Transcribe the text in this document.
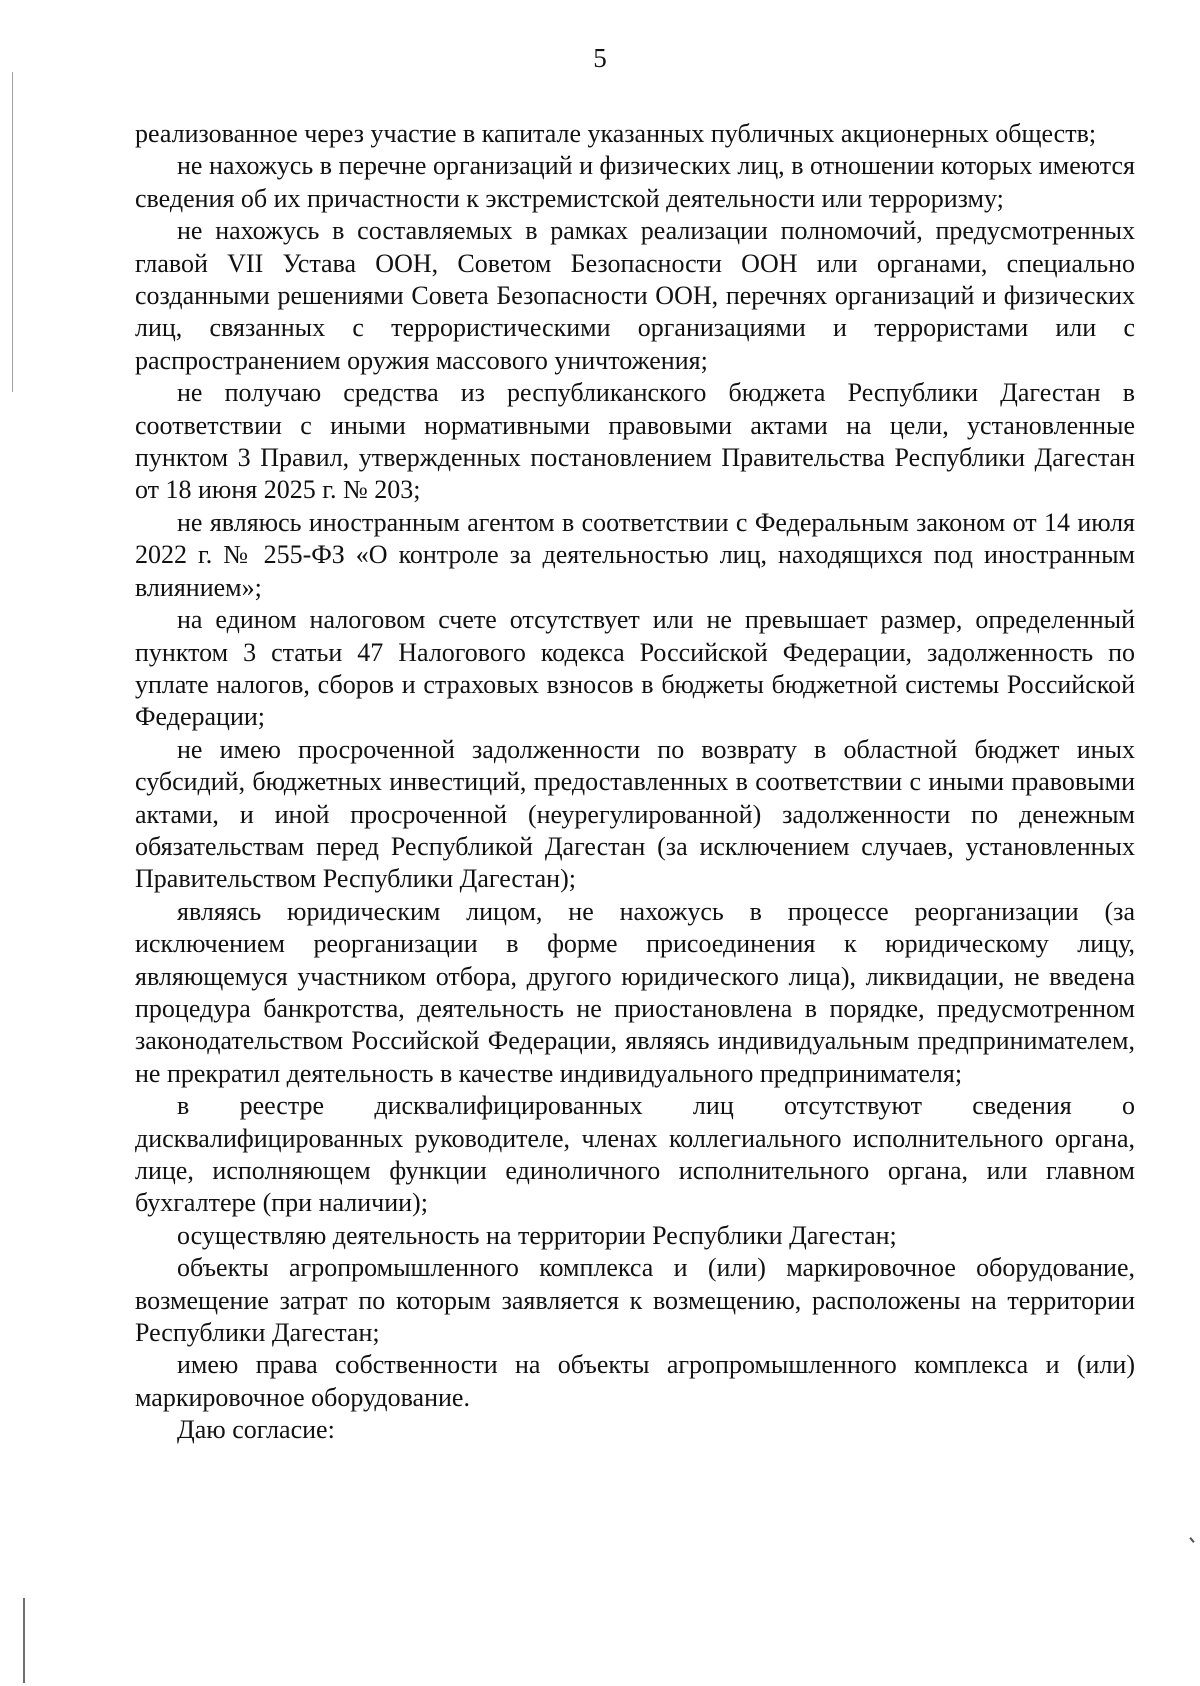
5

реализованное через участие в капитале указанных публичных акционерных обществ;

не нахожусь в перечне организаций и физических лиц, в отношении которых имеются сведения об их причастности к экстремистской деятельности или терроризму;

не нахожусь в составляемых в рамках реализации полномочий, предусмотренных главой VII Устава ООН, Советом Безопасности ООН или органами, специально созданными решениями Совета Безопасности ООН, перечнях организаций и физических лиц, связанных с террористическими организациями и террористами или с распространением оружия массового уничтожения;

не получаю средства из республиканского бюджета Республики Дагестан в соответствии с иными нормативными правовыми актами на цели, установленные пунктом 3 Правил, утвержденных постановлением Правительства Республики Дагестан от 18 июня 2025 г. № 203;

не являюсь иностранным агентом в соответствии с Федеральным законом от 14 июля 2022 г. № 255-ФЗ «О контроле за деятельностью лиц, находящихся под иностранным влиянием»;

на едином налоговом счете отсутствует или не превышает размер, определенный пунктом 3 статьи 47 Налогового кодекса Российской Федерации, задолженность по уплате налогов, сборов и страховых взносов в бюджеты бюджетной системы Российской Федерации;

не имею просроченной задолженности по возврату в областной бюджет иных субсидий, бюджетных инвестиций, предоставленных в соответствии с иными правовыми актами, и иной просроченной (неурегулированной) задолженности по денежным обязательствам перед Республикой Дагестан (за исключением случаев, установленных Правительством Республики Дагестан);

являясь юридическим лицом, не нахожусь в процессе реорганизации (за исключением реорганизации в форме присоединения к юридическому лицу, являющемуся участником отбора, другого юридического лица), ликвидации, не введена процедура банкротства, деятельность не приостановлена в порядке, предусмотренном законодательством Российской Федерации, являясь индивидуальным предпринимателем, не прекратил деятельность в качестве индивидуального предпринимателя;

в реестре дисквалифицированных лиц отсутствуют сведения о дисквалифицированных руководителе, членах коллегиального исполнительного органа, лице, исполняющем функции единоличного исполнительного органа, или главном бухгалтере (при наличии);

осуществляю деятельность на территории Республики Дагестан;

объекты агропромышленного комплекса и (или) маркировочное оборудование, возмещение затрат по которым заявляется к возмещению, расположены на территории Республики Дагестан;

имею права собственности на объекты агропромышленного комплекса и (или) маркировочное оборудование.

Даю согласие:
